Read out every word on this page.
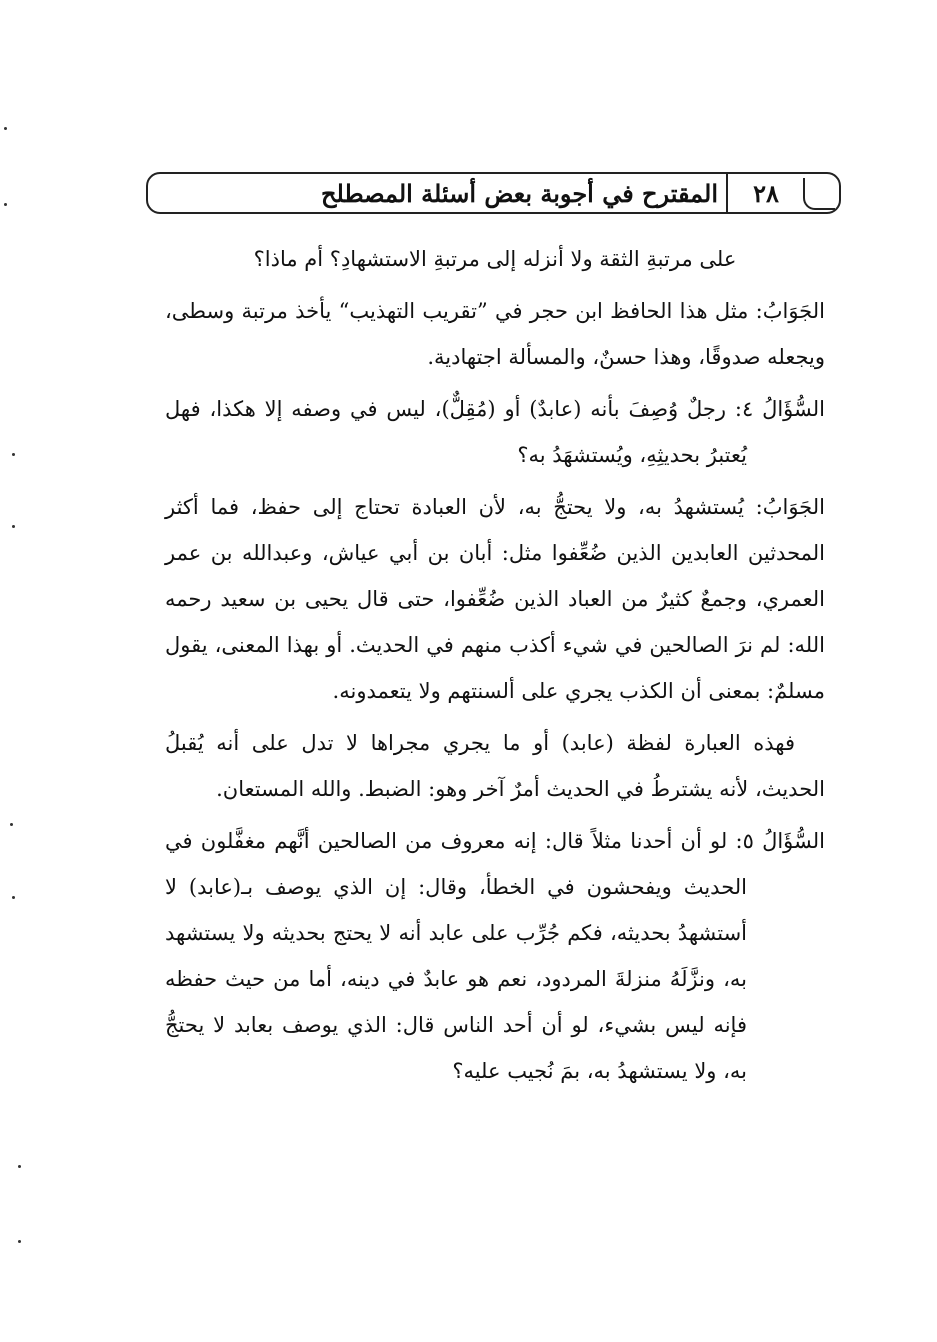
المقترح في أجوبة بعض أسئلة المصطلح	٢٨

على مرتبةِ الثقة ولا أنزله إلى مرتبةِ الاستشهادِ؟ أم ماذا؟

الجَوَابُ: مثل هذا الحافظ ابن حجر في ”تقريب التهذيب“ يأخذ مرتبة وسطى، ويجعله صدوقًا، وهذا حسنٌ، والمسألة اجتهادية.

السُّؤَالُ ٤: رجلٌ وُصِفَ بأنه (عابدٌ) أو (مُقِلٌّ)، ليس في وصفه إلا هكذا، فهل يُعتبرُ بحديثِهِ، ويُستشهَدُ به؟

الجَوَابُ: يُستشهدُ به، ولا يحتجُّ به، لأن العبادة تحتاج إلى حفظ، فما أكثر المحدثين العابدين الذين ضُعِّفوا مثل: أبان بن أبي عياش، وعبدالله بن عمر العمري، وجمعٌ كثيرٌ من العباد الذين ضُعِّفوا، حتى قال يحيى بن سعيد رحمه الله: لم نرَ الصالحين في شيء أكذب منهم في الحديث. أو بهذا المعنى، يقول مسلمٌ: بمعنى أن الكذب يجري على ألسنتهم ولا يتعمدونه.

فهذه العبارة لفظة (عابد) أو ما يجري مجراها لا تدل على أنه يُقبلُ الحديث، لأنه يشترطُ في الحديث أمرٌ آخر وهو: الضبط. والله المستعان.

السُّؤَالُ ٥: لو أن أحدنا مثلاً قال: إنه معروف من الصالحين أنَّهم مغفَّلون في الحديث ويفحشون في الخطأ، وقال: إن الذي يوصف بـ(عابد) لا أستشهدُ بحديثه، فكم جُرِّب على عابد أنه لا يحتج بحديثه ولا يستشهد به، ونزَّلَهُ منزلةَ المردود، نعم هو عابدٌ في دينه، أما من حيث حفظه فإنه ليس بشيء، لو أن أحد الناس قال: الذي يوصف بعابد لا يحتجُّ به، ولا يستشهدُ به، بمَ نُجيب عليه؟
